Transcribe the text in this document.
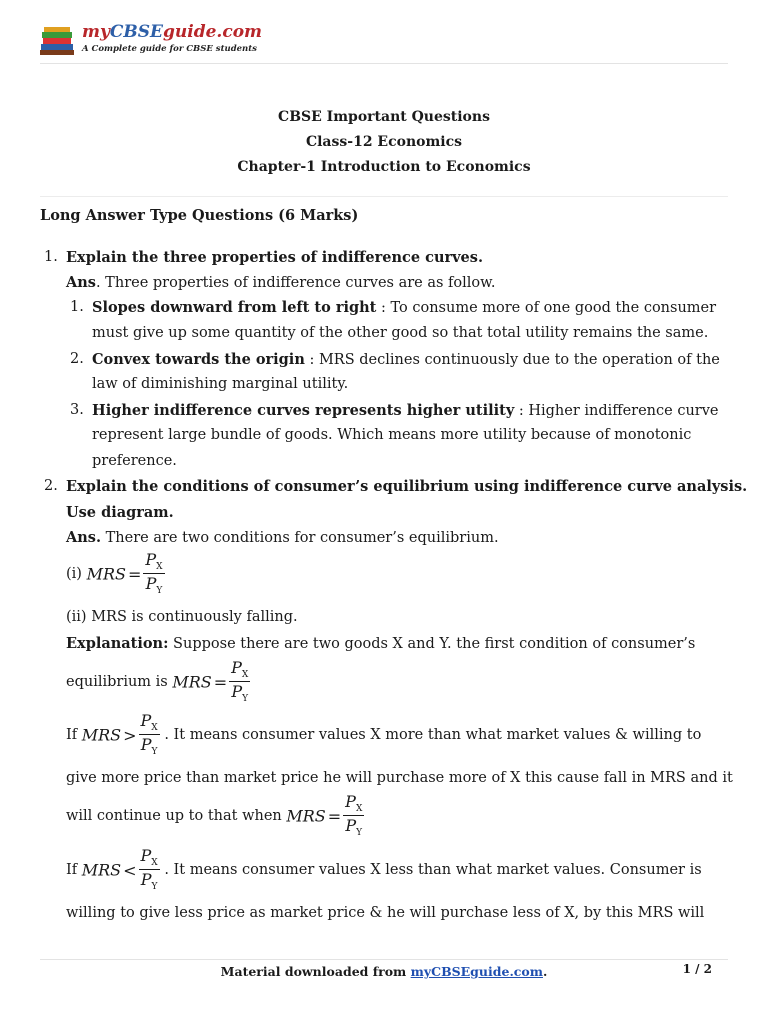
myCBSEguide.com
A Complete guide for CBSE students
CBSE Important Questions
Class-12 Economics
Chapter-1 Introduction to Economics
Long Answer Type Questions (6 Marks)
1. Explain the three properties of indifference curves.
Ans. Three properties of indifference curves are as follow.
1. Slopes downward from left to right : To consume more of one good the consumer
must give up some quantity of the other good so that total utility remains the same.
2. Convex towards the origin : MRS declines continuously due to the operation of the
law of diminishing marginal utility.
3. Higher indifference curves represents higher utility : Higher indifference curve
represent large bundle of goods. Which means more utility because of monotonic
preference.
2. Explain the conditions of consumer’s equilibrium using indifference curve analysis.
Use diagram.
Ans. There are two conditions for consumer’s equilibrium.
(i) MRS = $\frac{P_X}{P_Y}$
(ii) MRS is continuously falling.
Explanation: Suppose there are two goods X and Y. the first condition of consumer’s
equilibrium is MRS = $\frac{P_X}{P_Y}$
If MRS > $\frac{P_X}{P_Y}$ . It means consumer values X more than what market values & willing to
give more price than market price he will purchase more of X this cause fall in MRS and it
will continue up to that when MRS = $\frac{P_X}{P_Y}$
If MRS < $\frac{P_X}{P_Y}$ . It means consumer values X less than what market values. Consumer is
willing to give less price as market price & he will purchase less of X, by this MRS will
Material downloaded from myCBSEguide.com.	1 / 2
